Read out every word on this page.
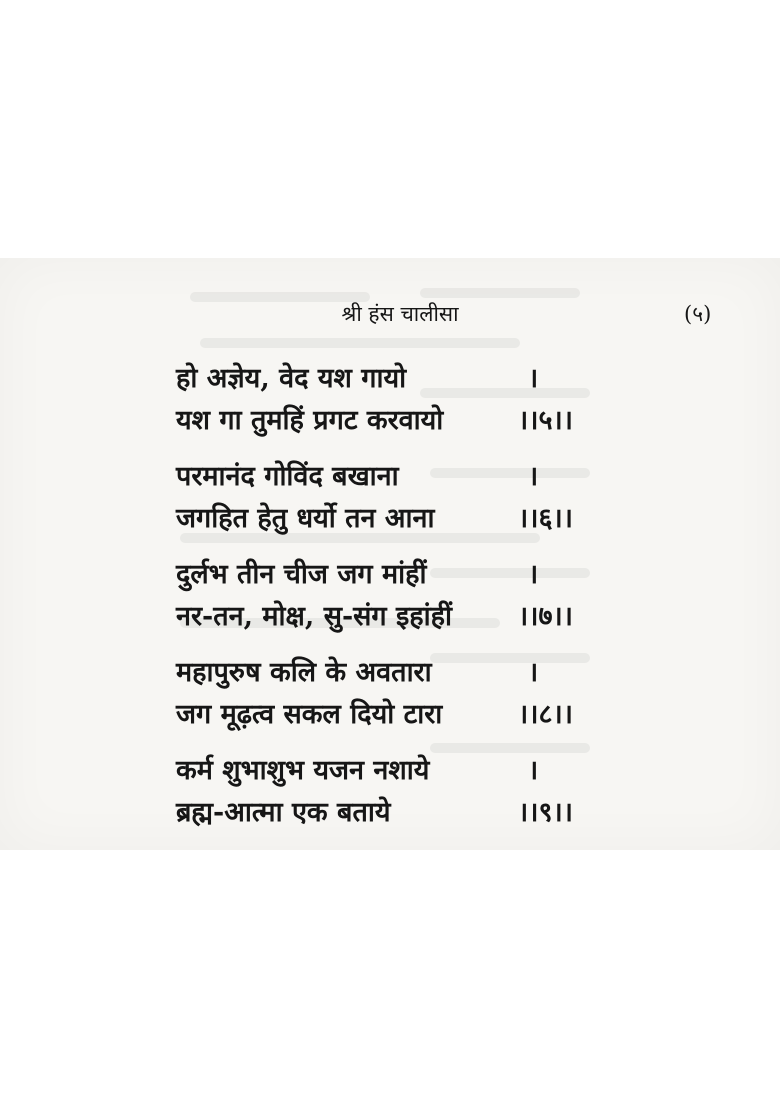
श्री हंस चालीसा	(५)
हो अज्ञेय, वेद यश गायो	।
यश गा तुमहिं प्रगट करवायो	।।५।।
परमानंद गोविंद बखाना	।
जगहित हेतु धर्यो तन आना	।।६।।
दुर्लभ तीन चीज जग मांहीं	।
नर-तन, मोक्ष, सु-संग इहांहीं ।।७।।
महापुरुष कलि के अवतारा	।
जग मूढ़त्व सकल दियो टारा	।।८।।
कर्म शुभाशुभ यजन नशाये	।
ब्रह्म-आत्मा एक बताये	।।९।।
